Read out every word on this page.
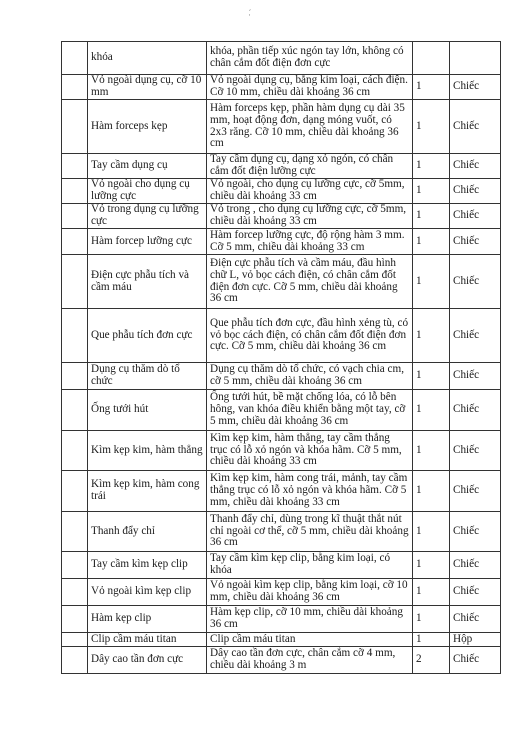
·́
	khóa	khóa, phần tiếp xúc ngón tay lớn, không có chân cắm đốt điện đơn cực		
	Vỏ ngoài dụng cụ, cỡ 10 mm	Vỏ ngoài dụng cụ, bằng kim loại, cách điện. Cỡ 10 mm, chiều dài khoảng 36 cm	1	Chiếc
	Hàm forceps kẹp	Hàm forceps kẹp, phần hàm dụng cụ dài 35 mm, hoạt động đơn, dạng móng vuốt, có 2x3 răng. Cỡ 10 mm, chiều dài khoảng 36 cm	1	Chiếc
	Tay cầm dụng cụ	Tay cầm dụng cụ, dạng xỏ ngón, có chân cắm đốt điện lưỡng cực	1	Chiếc
	Vỏ ngoài cho dụng cụ lưỡng cực	Vỏ ngoài, cho dụng cụ lưỡng cực, cỡ 5mm, chiều dài khoảng 33 cm	1	Chiếc
	Vỏ trong dụng cụ lưỡng cực	Vỏ trong , cho dụng cụ lưỡng cực, cỡ 5mm, chiều dài khoảng 33 cm	1	Chiếc
	Hàm forcep lưỡng cực	Hàm forcep lưỡng cực, độ rộng hàm 3 mm. Cỡ 5 mm, chiều dài khoảng 33 cm	1	Chiếc
	Điện cực phẫu tích và cầm máu	Điện cực phẫu tích và cầm máu, đầu hình chữ L, vỏ bọc cách điện, có chân cắm đốt điện đơn cực. Cỡ 5 mm, chiều dài khoảng 36 cm	1	Chiếc
	Que phẫu tích đơn cực	Que phẫu tích đơn cực, đầu hình xẻng tù, có vỏ bọc cách điện, có chân cắm đốt điện đơn cực. Cỡ 5 mm, chiều dài khoảng 36 cm	1	Chiếc
	Dụng cụ thăm dò tổ chức	Dụng cụ thăm dò tổ chức, có vạch chia cm, cỡ 5 mm, chiều dài khoảng 36 cm	1	Chiếc
	Ống tưới hút	Ống tưới hút, bề mặt chống lóa, có lỗ bên hông, van khóa điều khiển bằng một tay, cỡ 5 mm, chiều dài khoảng 36 cm	1	Chiếc
	Kìm kẹp kim, hàm thẳng	Kìm kẹp kim, hàm thẳng, tay cầm thẳng trục có lỗ xỏ ngón và khóa hãm. Cỡ 5 mm, chiều dài khoảng 33 cm	1	Chiếc
	Kìm kẹp kim, hàm cong trái	Kìm kẹp kim, hàm cong trái, mảnh, tay cầm thẳng trục có lỗ xỏ ngón và khóa hãm. Cỡ 5 mm, chiều dài khoảng 33 cm	1	Chiếc
	Thanh đẩy chỉ	Thanh đẩy chỉ, dùng trong kĩ thuật thắt nút chỉ ngoài cơ thể, cỡ 5 mm, chiều dài khoảng 36 cm	1	Chiếc
	Tay cầm kìm kẹp clip	Tay cầm kìm kẹp clip, bằng kim loại, có khóa	1	Chiếc
	Vỏ ngoài kìm kẹp clip	Vỏ ngoài kìm kẹp clip, bằng kim loại, cỡ 10 mm, chiều dài khoảng 36 cm	1	Chiếc
	Hàm kẹp clip	Hàm kẹp clip, cỡ 10 mm, chiều dài khoảng 36 cm	1	Chiếc
	Clip cầm máu titan	Clip cầm máu titan	1	Hộp
	Dây cao tần đơn cực	Dây cao tần đơn cực, chân cắm cỡ 4 mm, chiều dài khoảng 3 m	2	Chiếc
